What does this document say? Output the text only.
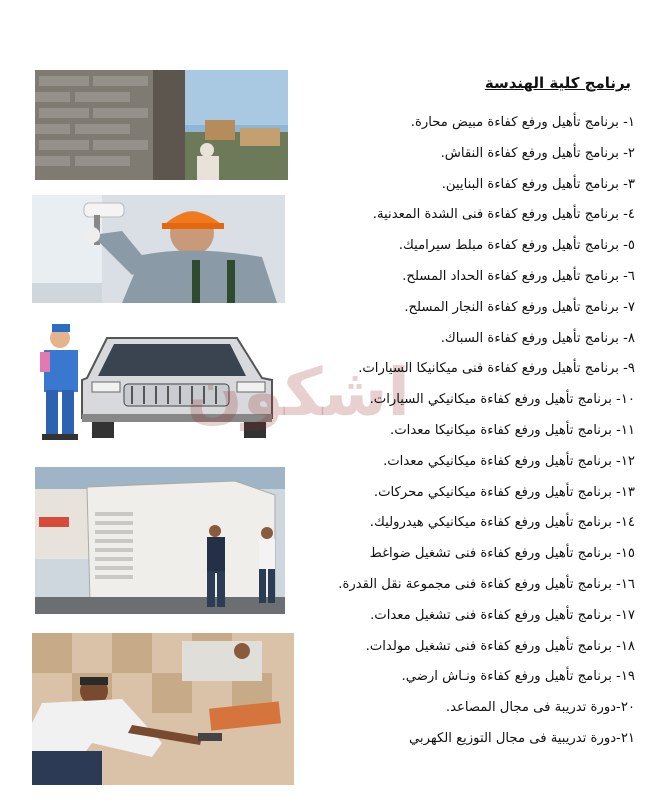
اشكون
برنامج كلية الهندسة
١- برنامج تأهيل ورفع كفاءة مبيض محارة.
٢- برنامج تأهيل ورفع كفاءة النقاش.
٣- برنامج تأهيل ورفع كفاءة البنايين.
٤- برنامج تأهيل ورفع كفاءة فنى الشدة المعدنية.
٥- برنامج تأهيل ورفع كفاءة مبلط سيراميك.
٦- برنامج تأهيل ورفع كفاءة الحداد المسلح.
٧- برنامج تأهيل ورفع كفاءة النجار المسلح.
٨- برنامج تأهيل ورفع كفاءة السباك.
٩- برنامج تأهيل ورفع كفاءة فنى ميكانيكا السيارات.
١٠- برنامج تأهيل ورفع كفاءة ميكانيكي السيارات.
١١- برنامج تأهيل ورفع كفاءة ميكانيكا معدات.
١٢- برنامج تأهيل ورفع كفاءة ميكانيكي معدات.
١٣- برنامج تأهيل ورفع كفاءة ميكانيكي محركات.
١٤- برنامج تأهيل ورفع كفاءة ميكانيكي هيدروليك.
١٥- برنامج تأهيل ورفع كفاءة فنى تشغيل ضواغط
١٦- برنامج تأهيل ورفع كفاءة فنى مجموعة نقل القدرة.
١٧- برنامج تأهيل ورفع كفاءة فنى تشغيل معدات.
١٨- برنامج تأهيل ورفع كفاءة فنى تشغيل مولدات.
١٩- برنامج تأهيل ورفع كفاءة ونـاش ارضي.
٢٠-دورة تدريبة فى مجال المصاعد.
٢١-دورة تدريبية فى مجال التوزيع الكهربي
